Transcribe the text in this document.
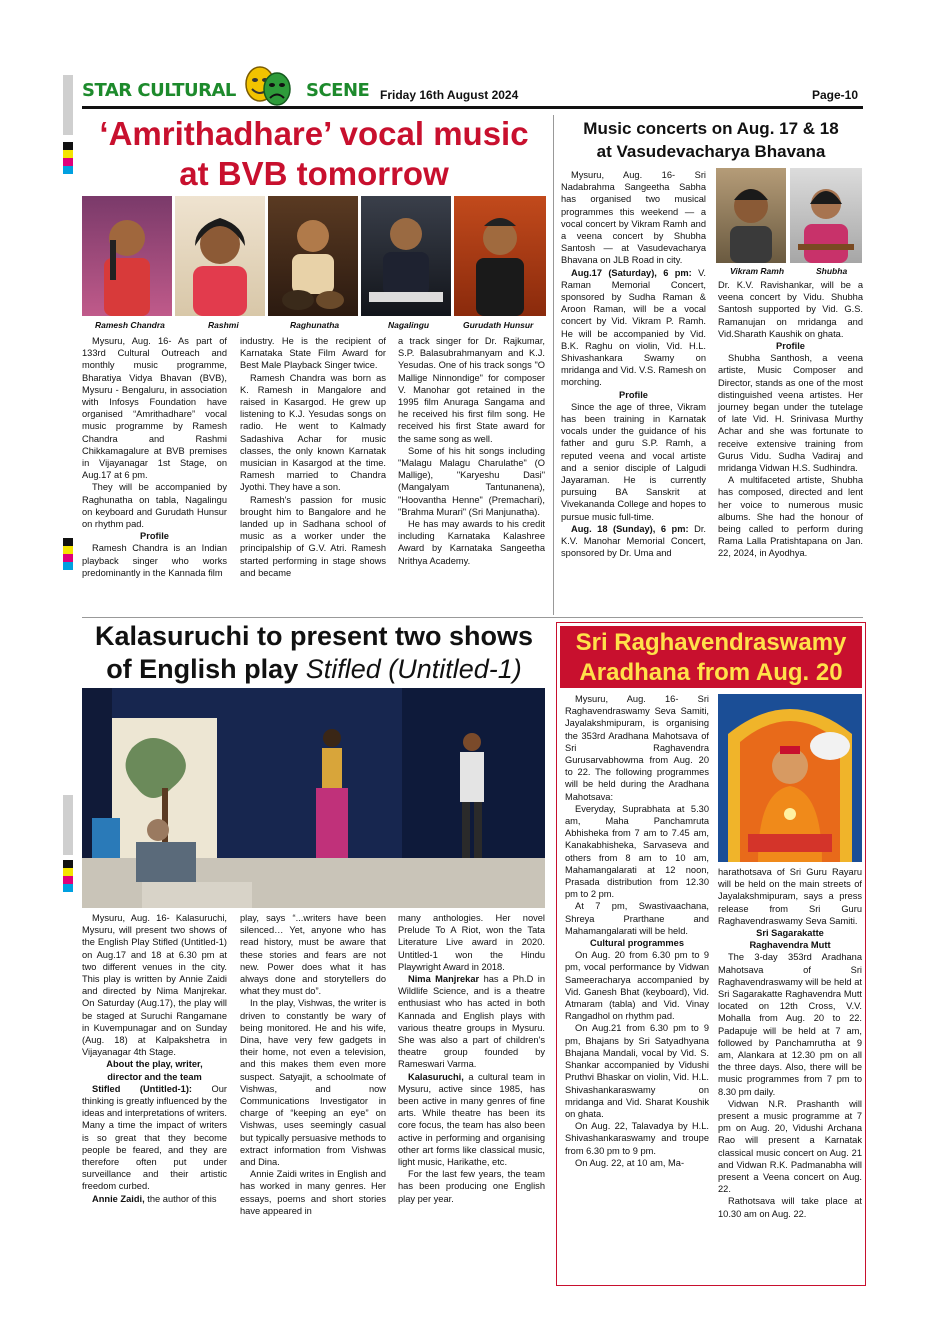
STAR CULTURAL	SCENE Friday 16th August 2024	Page-10
‘Amrithadhare’ vocal music
at BVB tomorrow
Ramesh Chandra	Rashmi	Raghunatha	Nagalingu	Gurudath Hunsur

Mysuru, Aug. 16- As part of 133rd Cultural Outreach and monthly music programme, Bharatiya Vidya Bhavan (BVB), Mysuru - Bengaluru, in association with Infosys Foundation have organised “Amrithadhare” vocal music programme by Ramesh Chandra and Rashmi Chikkamagalure at BVB premises in Vijayanagar 1st Stage, on Aug.17 at 6 pm.

They will be accompanied by Raghunatha on tabla, Nagalingu on keyboard and Gurudath Hunsur on rhythm pad.

Profile

Ramesh Chandra is an Indian playback singer who works predominantly in the Kannada film

industry. He is the recipient of Karnataka State Film Award for Best Male Playback Singer twice.

Ramesh Chandra was born as K. Ramesh in Mangalore and raised in Kasargod. He grew up listening to K.J. Yesudas songs on radio. He went to Kalmady Sadashiva Achar for music classes, the only known Karnatak musician in Kasargod at the time. Ramesh married to Chandra Jyothi. They have a son.

Ramesh's passion for music brought him to Bangalore and he landed up in Sadhana school of music as a worker under the principalship of G.V. Atri. Ramesh started performing in stage shows and became

a track singer for Dr. Rajkumar, S.P. Balasubrahmanyam and K.J. Yesudas. One of his track songs "O Mallige Ninnondige" for composer V. Manohar got retained in the 1995 film Anuraga Sangama and he received his first film song. He received his first State award for the same song as well.

Some of his hit songs including "Malagu Malagu Charulathe" (O Mallige), "Karyeshu Dasi" (Mangalyam Tantunanena), "Hoovantha Henne" (Premachari), "Brahma Murari" (Sri Manjunatha).

He has may awards to his credit including Karnataka Kalashree Award by Karnataka Sangeetha Nrithya Academy.

Music concerts on Aug. 17 & 18
at Vasudevacharya Bhavana
Vikram Ramh	Shubha

Mysuru, Aug. 16- Sri Nadabrahma Sangeetha Sabha has organised two musical programmes this weekend — a vocal concert by Vikram Ramh and a veena concert by Shubha Santosh — at Vasudevacharya Bhavana on JLB Road in city.

Aug.17 (Saturday), 6 pm: V. Raman Memorial Concert, sponsored by Sudha Raman & Aroon Raman, will be a vocal concert by Vid. Vikram P. Ramh. He will be accompanied by Vid. B.K. Raghu on violin, Vid. H.L. Shivashankara Swamy on mridanga and Vid. V.S. Ramesh on morching.

Profile

Since the age of three, Vikram has been training in Karnatak vocals under the guidance of his father and guru S.P. Ramh, a reputed veena and vocal artiste and a senior disciple of Lalgudi Jayaraman. He is currently pursuing BA Sanskrit at Vivekananda College and hopes to pursue music full-time.

Aug. 18 (Sunday), 6 pm: Dr. K.V. Manohar Memorial Concert, sponsored by Dr. Uma and

Dr. K.V. Ravishankar, will be a veena concert by Vidu. Shubha Santosh supported by Vid. G.S. Ramanujan on mridanga and Vid.Sharath Kaushik on ghata.

Profile

Shubha Santhosh, a veena artiste, Music Composer and Director, stands as one of the most distinguished veena artistes. Her journey began under the tutelage of late Vid. H. Srinivasa Murthy Achar and she was fortunate to receive extensive training from Gurus Vidu. Sudha Vadiraj and mridanga Vidwan H.S. Sudhindra.

A multifaceted artiste, Shubha has composed, directed and lent her voice to numerous music albums. She had the honour of being called to perform during Rama Lalla Pratishtapana on Jan. 22, 2024, in Ayodhya.

Kalasuruchi to present two shows
of English play Stifled (Untitled-1)

Mysuru, Aug. 16- Kalasuruchi, Mysuru, will present two shows of the English Play Stifled (Untitled-1) on Aug.17 and 18 at 6.30 pm at two different venues in the city. This play is written by Annie Zaidi and directed by Nima Manjrekar. On Saturday (Aug.17), the play will be staged at Suruchi Rangamane in Kuvempunagar and on Sunday (Aug. 18) at Kalpakshetra in Vijayanagar 4th Stage.

About the play, writer,

director and the team

Stifled (Untitled-1): Our thinking is greatly influenced by the ideas and interpretations of writers. Many a time the impact of writers is so great that they become people be feared, and they are therefore often put under surveillance and their artistic freedom curbed.

Annie Zaidi, the author of this

play, says “...writers have been silenced… Yet, anyone who has read history, must be aware that these stories and fears are not new. Power does what it has always done and storytellers do what they must do”.

In the play, Vishwas, the writer is driven to constantly be wary of being monitored. He and his wife, Dina, have very few gadgets in their home, not even a television, and this makes them even more suspect. Satyajit, a schoolmate of Vishwas, and now Communications Investigator in charge of “keeping an eye” on Vishwas, uses seemingly casual but typically persuasive methods to extract information from Vishwas and Dina.

Annie Zaidi writes in English and has worked in many genres. Her essays, poems and short stories have appeared in

many anthologies. Her novel Prelude To A Riot, won the Tata Literature Live award in 2020. Untitled-1 won the Hindu Playwright Award in 2018.

Nima Manjrekar has a Ph.D in Wildlife Science, and is a theatre enthusiast who has acted in both Kannada and English plays with various theatre groups in Mysuru. She was also a part of children's theatre group founded by Rameswari Varma.

Kalasuruchi, a cultural team in Mysuru, active since 1985, has been active in many genres of fine arts. While theatre has been its core focus, the team has also been active in performing and organising other art forms like classical music, light music, Harikathe, etc.

For the last few years, the team has been producing one English play per year.

Sri Raghavendraswamy
Aradhana from Aug. 20

Mysuru, Aug. 16- Sri Raghavendraswamy Seva Samiti, Jayalakshmipuram, is organising the 353rd Aradhana Mahotsava of Sri Raghavendra Gurusarvabhowma from Aug. 20 to 22. The following programmes will be held during the Aradhana Mahotsava:

Everyday, Suprabhata at 5.30 am, Maha Panchamruta Abhisheka from 7 am to 7.45 am, Kanakabhisheka, Sarvaseva and others from 8 am to 10 am, Mahamangalarati at 12 noon, Prasada distribution from 12.30 pm to 2 pm.

At 7 pm, Swastivaachana, Shreya Prarthane and Mahamangalarati will be held.

Cultural programmes

On Aug. 20 from 6.30 pm to 9 pm, vocal performance by Vidwan Sameeracharya accompanied by Vid. Ganesh Bhat (keyboard), Vid. Atmaram (tabla) and Vid. Vinay Rangadhol on rhythm pad.

On Aug.21 from 6.30 pm to 9 pm, Bhajans by Sri Satyadhyana Bhajana Mandali, vocal by Vid. S. Shankar accompanied by Vidushi Pruthvi Bhaskar on violin, Vid. H.L. Shivashankaraswamy on mridanga and Vid. Sharat Koushik on ghata.

On Aug. 22, Talavadya by H.L. Shivashankaraswamy and troupe from 6.30 pm to 9 pm.

On Aug. 22, at 10 am, Ma-

harathotsava of Sri Guru Rayaru will be held on the main streets of Jayalakshmipuram, says a press release from Sri Guru Raghavendraswamy Seva Samiti.

Sri Sagarakatte

Raghavendra Mutt

The 3-day 353rd Aradhana Mahotsava of Sri Raghavendraswamy will be held at Sri Sagarakatte Raghavendra Mutt located on 12th Cross, V.V. Mohalla from Aug. 20 to 22. Padapuje will be held at 7 am, followed by Panchamrutha at 9 am, Alankara at 12.30 pm on all the three days. Also, there will be music programmes from 7 pm to 8.30 pm daily.

Vidwan N.R. Prashanth will present a music programme at 7 pm on Aug. 20, Vidushi Archana Rao will present a Karnatak classical music concert on Aug. 21 and Vidwan R.K. Padmanabha will present a Veena concert on Aug. 22.

Rathotsava will take place at 10.30 am on Aug. 22.
